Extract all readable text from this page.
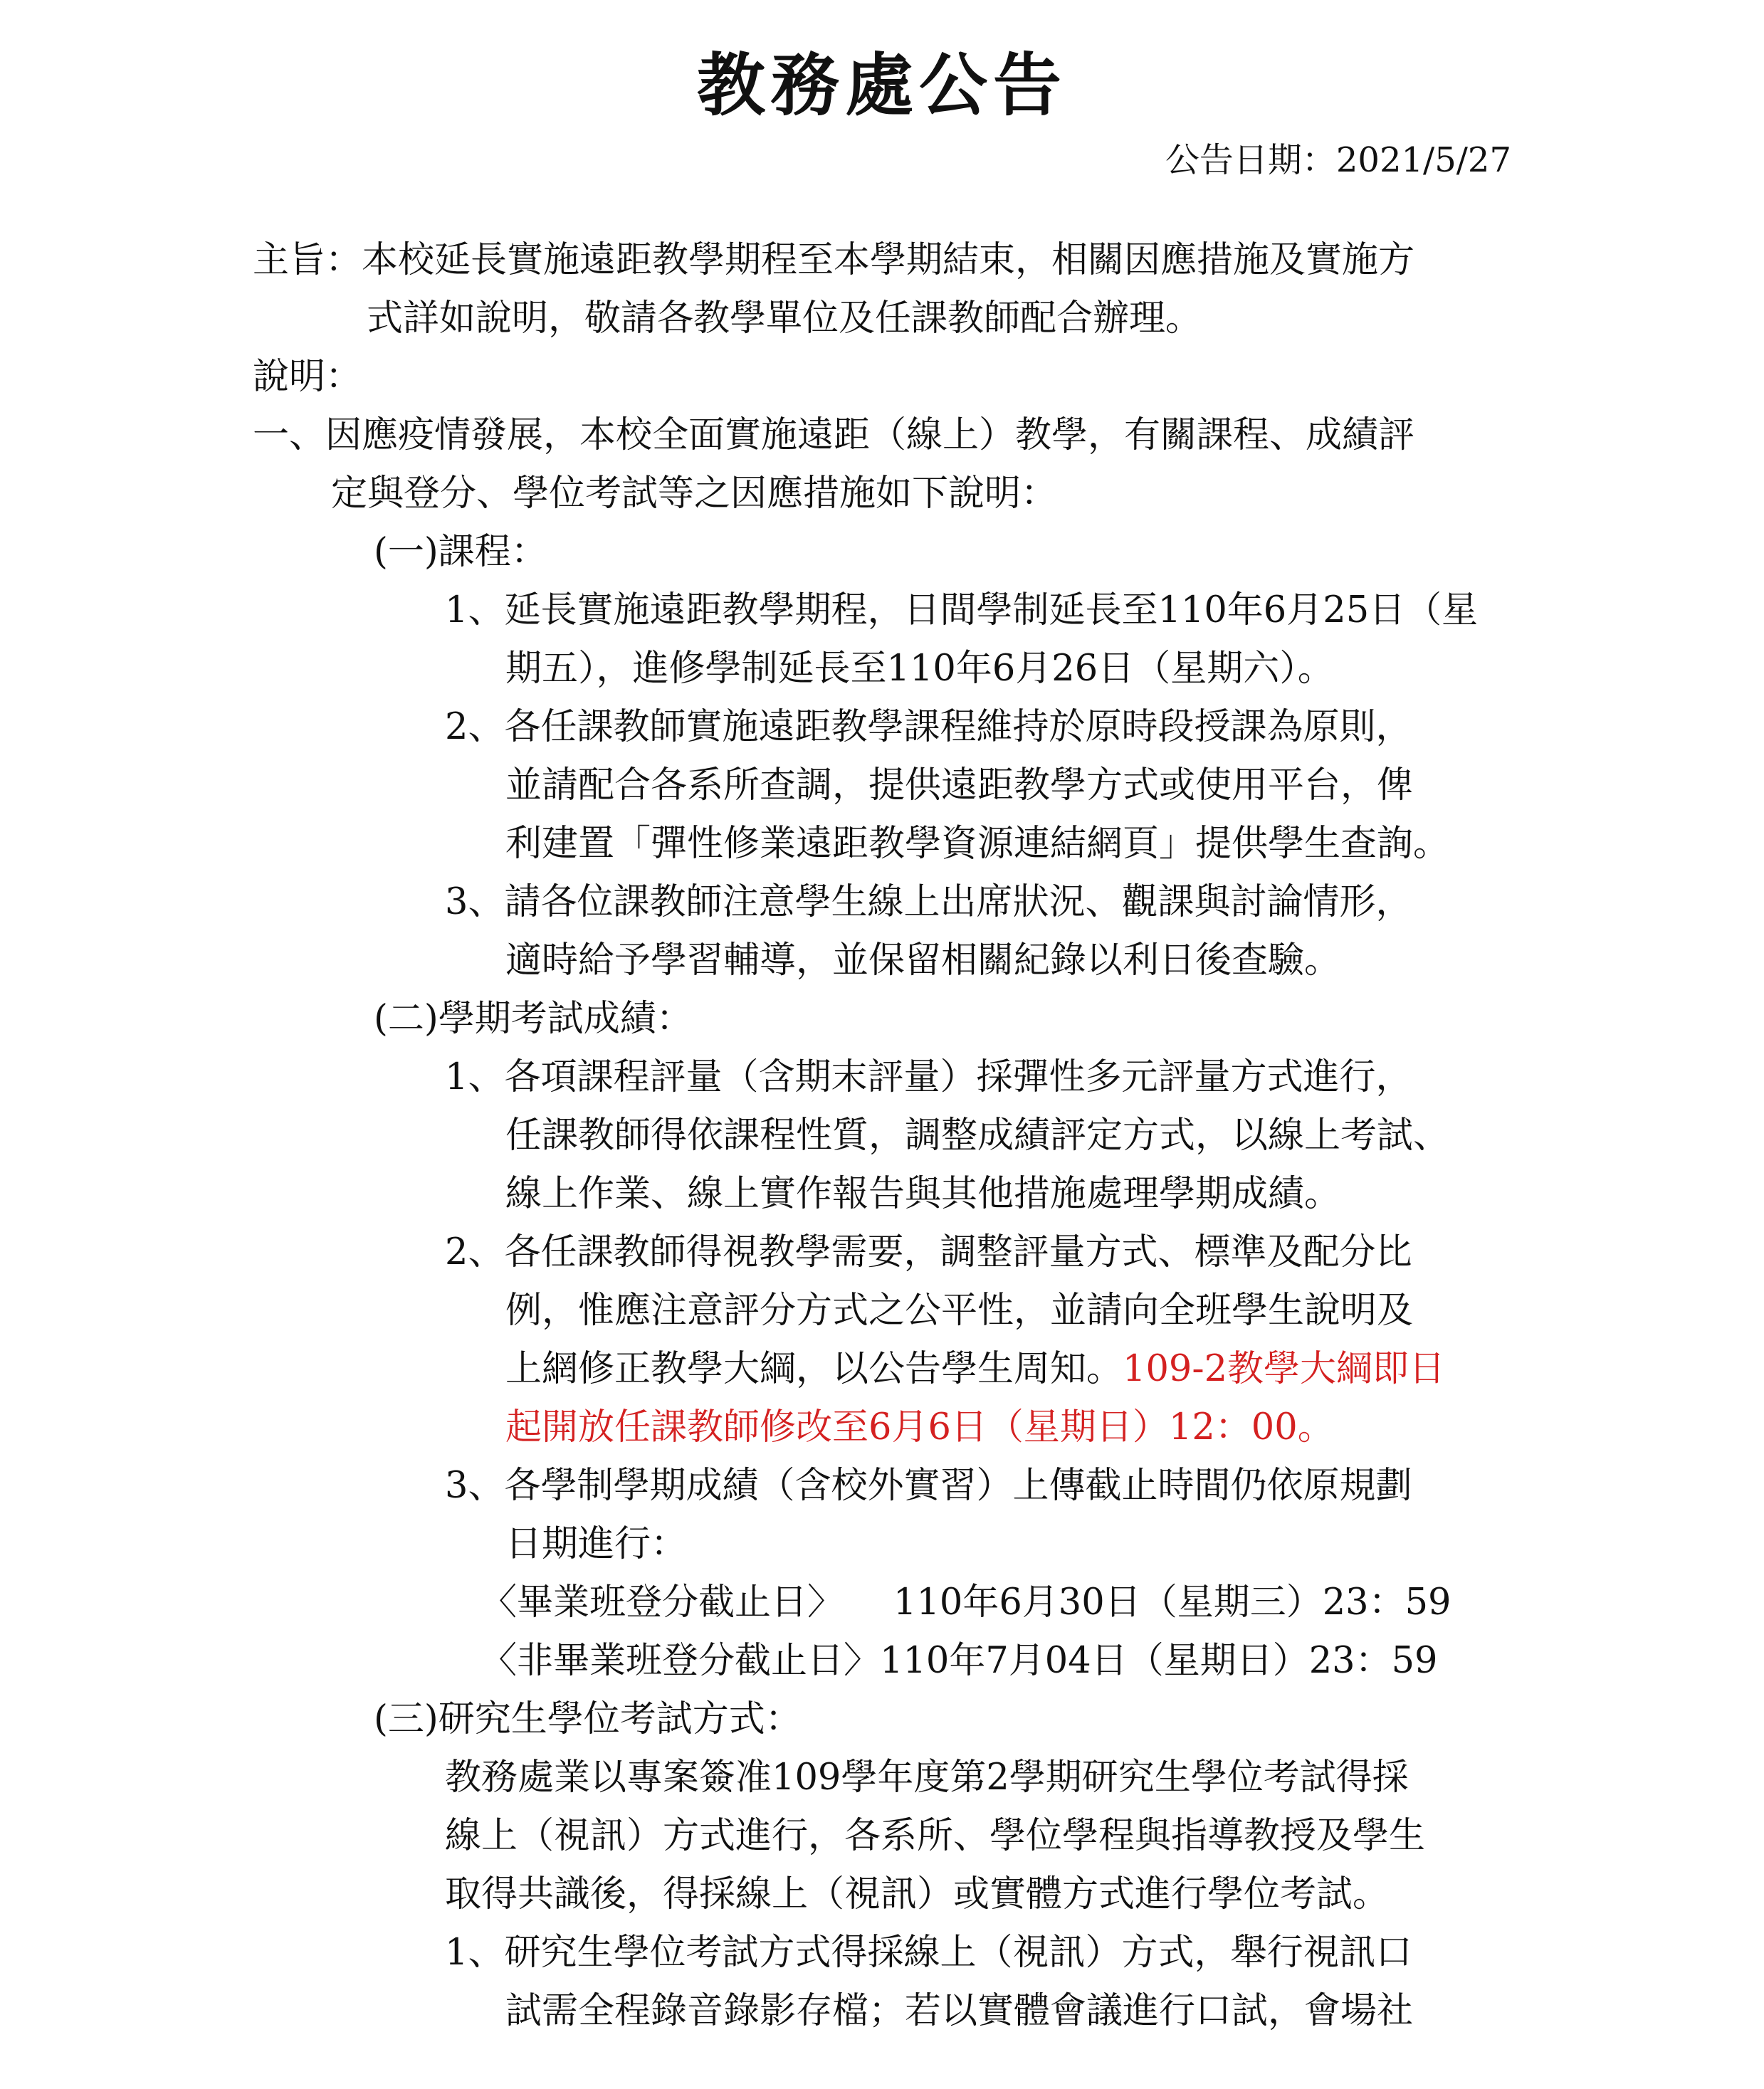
教務處公告
公告日期：2021/5/27
主旨：本校延長實施遠距教學期程至本學期結束，相關因應措施及實施方
式詳如說明，敬請各教學單位及任課教師配合辦理。
說明：
一、因應疫情發展，本校全面實施遠距（線上）教學，有關課程、成績評
定與登分、學位考試等之因應措施如下說明：
(一)課程：
1、延長實施遠距教學期程，日間學制延長至110年6月25日（星
期五），進修學制延長至110年6月26日（星期六）。
2、各任課教師實施遠距教學課程維持於原時段授課為原則，
並請配合各系所查調，提供遠距教學方式或使用平台，俾
利建置「彈性修業遠距教學資源連結網頁」提供學生查詢。
3、請各位課教師注意學生線上出席狀況、觀課與討論情形，
適時給予學習輔導，並保留相關紀錄以利日後查驗。
(二)學期考試成績：
1、各項課程評量（含期末評量）採彈性多元評量方式進行，
任課教師得依課程性質，調整成績評定方式，以線上考試、
線上作業、線上實作報告與其他措施處理學期成績。
2、各任課教師得視教學需要，調整評量方式、標準及配分比
例，惟應注意評分方式之公平性，並請向全班學生說明及
上網修正教學大綱，以公告學生周知。109-2教學大綱即日
起開放任課教師修改至6月6日（星期日）12：00。
3、各學制學期成績（含校外實習）上傳截止時間仍依原規劃
日期進行：
〈畢業班登分截止日〉 110年6月30日（星期三）23：59
〈非畢業班登分截止日〉110年7月04日（星期日）23：59
(三)研究生學位考試方式：
教務處業以專案簽准109學年度第2學期研究生學位考試得採
線上（視訊）方式進行，各系所、學位學程與指導教授及學生
取得共識後，得採線上（視訊）或實體方式進行學位考試。
1、研究生學位考試方式得採線上（視訊）方式，舉行視訊口
試需全程錄音錄影存檔；若以實體會議進行口試，會場社
